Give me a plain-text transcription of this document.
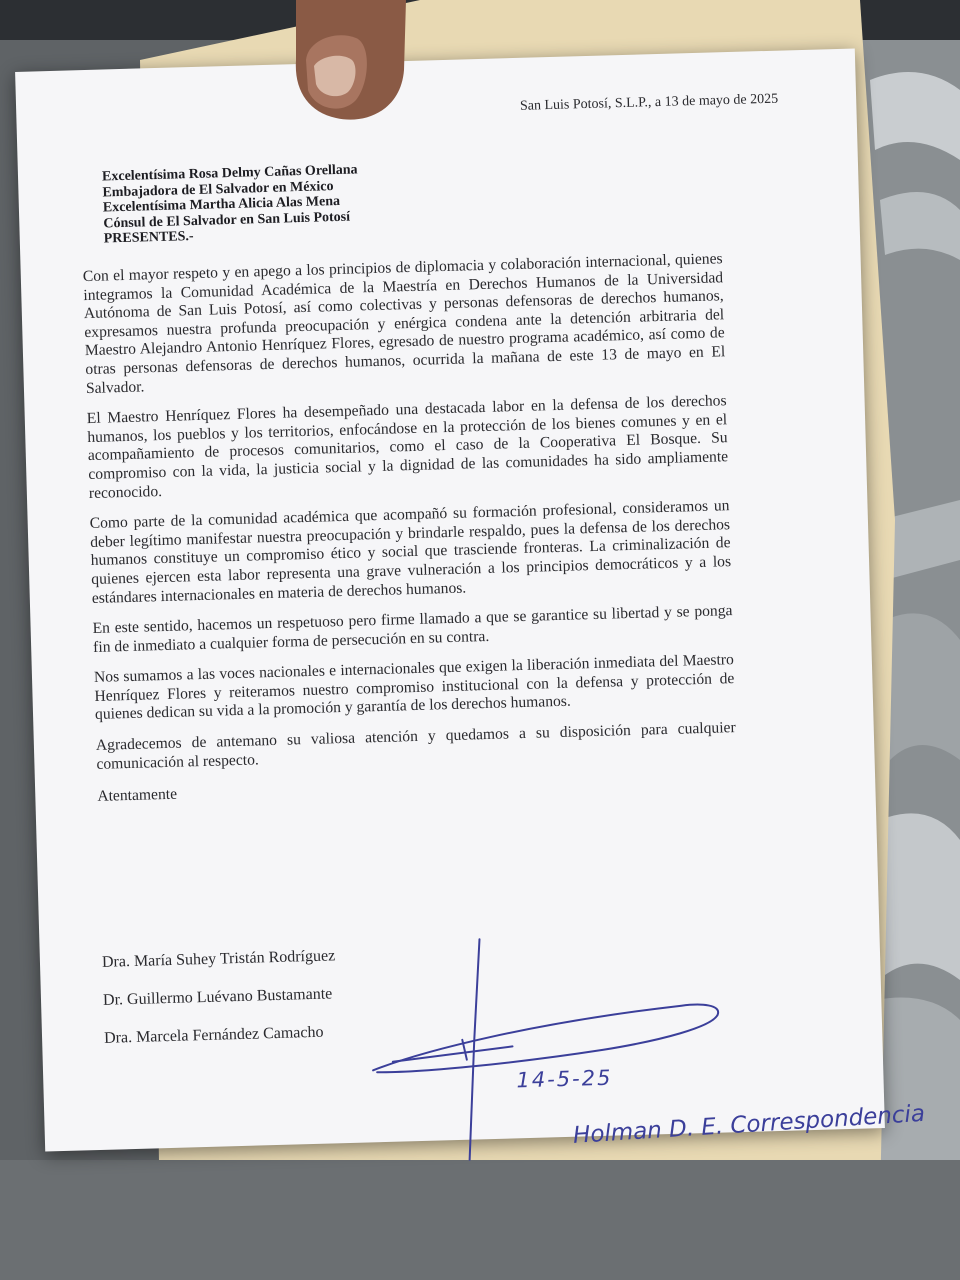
San Luis Potosí, S.L.P., a 13 de mayo de 2025
Excelentísima Rosa Delmy Cañas Orellana
Embajadora de El Salvador en México
Excelentísima Martha Alicia Alas Mena
Cónsul de El Salvador en San Luis Potosí
PRESENTES.-

Con el mayor respeto y en apego a los principios de diplomacia y colaboración internacional, quienes integramos la Comunidad Académica de la Maestría en Derechos Humanos de la Universidad Autónoma de San Luis Potosí, así como colectivas y personas defensoras de derechos humanos, expresamos nuestra profunda preocupación y enérgica condena ante la detención arbitraria del Maestro Alejandro Antonio Henríquez Flores, egresado de nuestro programa académico, así como de otras personas defensoras de derechos humanos, ocurrida la mañana de este 13 de mayo en El Salvador.

El Maestro Henríquez Flores ha desempeñado una destacada labor en la defensa de los derechos humanos, los pueblos y los territorios, enfocándose en la protección de los bienes comunes y en el acompañamiento de procesos comunitarios, como el caso de la Cooperativa El Bosque. Su compromiso con la vida, la justicia social y la dignidad de las comunidades ha sido ampliamente reconocido.

Como parte de la comunidad académica que acompañó su formación profesional, consideramos un deber legítimo manifestar nuestra preocupación y brindarle respaldo, pues la defensa de los derechos humanos constituye un compromiso ético y social que trasciende fronteras. La criminalización de quienes ejercen esta labor representa una grave vulneración a los principios democráticos y a los estándares internacionales en materia de derechos humanos.

En este sentido, hacemos un respetuoso pero firme llamado a que se garantice su libertad y se ponga fin de inmediato a cualquier forma de persecución en su contra.

Nos sumamos a las voces nacionales e internacionales que exigen la liberación inmediata del Maestro Henríquez Flores y reiteramos nuestro compromiso institucional con la defensa y protección de quienes dedican su vida a la promoción y garantía de los derechos humanos.

Agradecemos de antemano su valiosa atención y quedamos a su disposición para cualquier comunicación al respecto.

Atentamente
Dra. María Suhey Tristán Rodríguez
Dr. Guillermo Luévano Bustamante
Dra. Marcela Fernández Camacho
14-5-25
Holman D. E. Correspondencia
